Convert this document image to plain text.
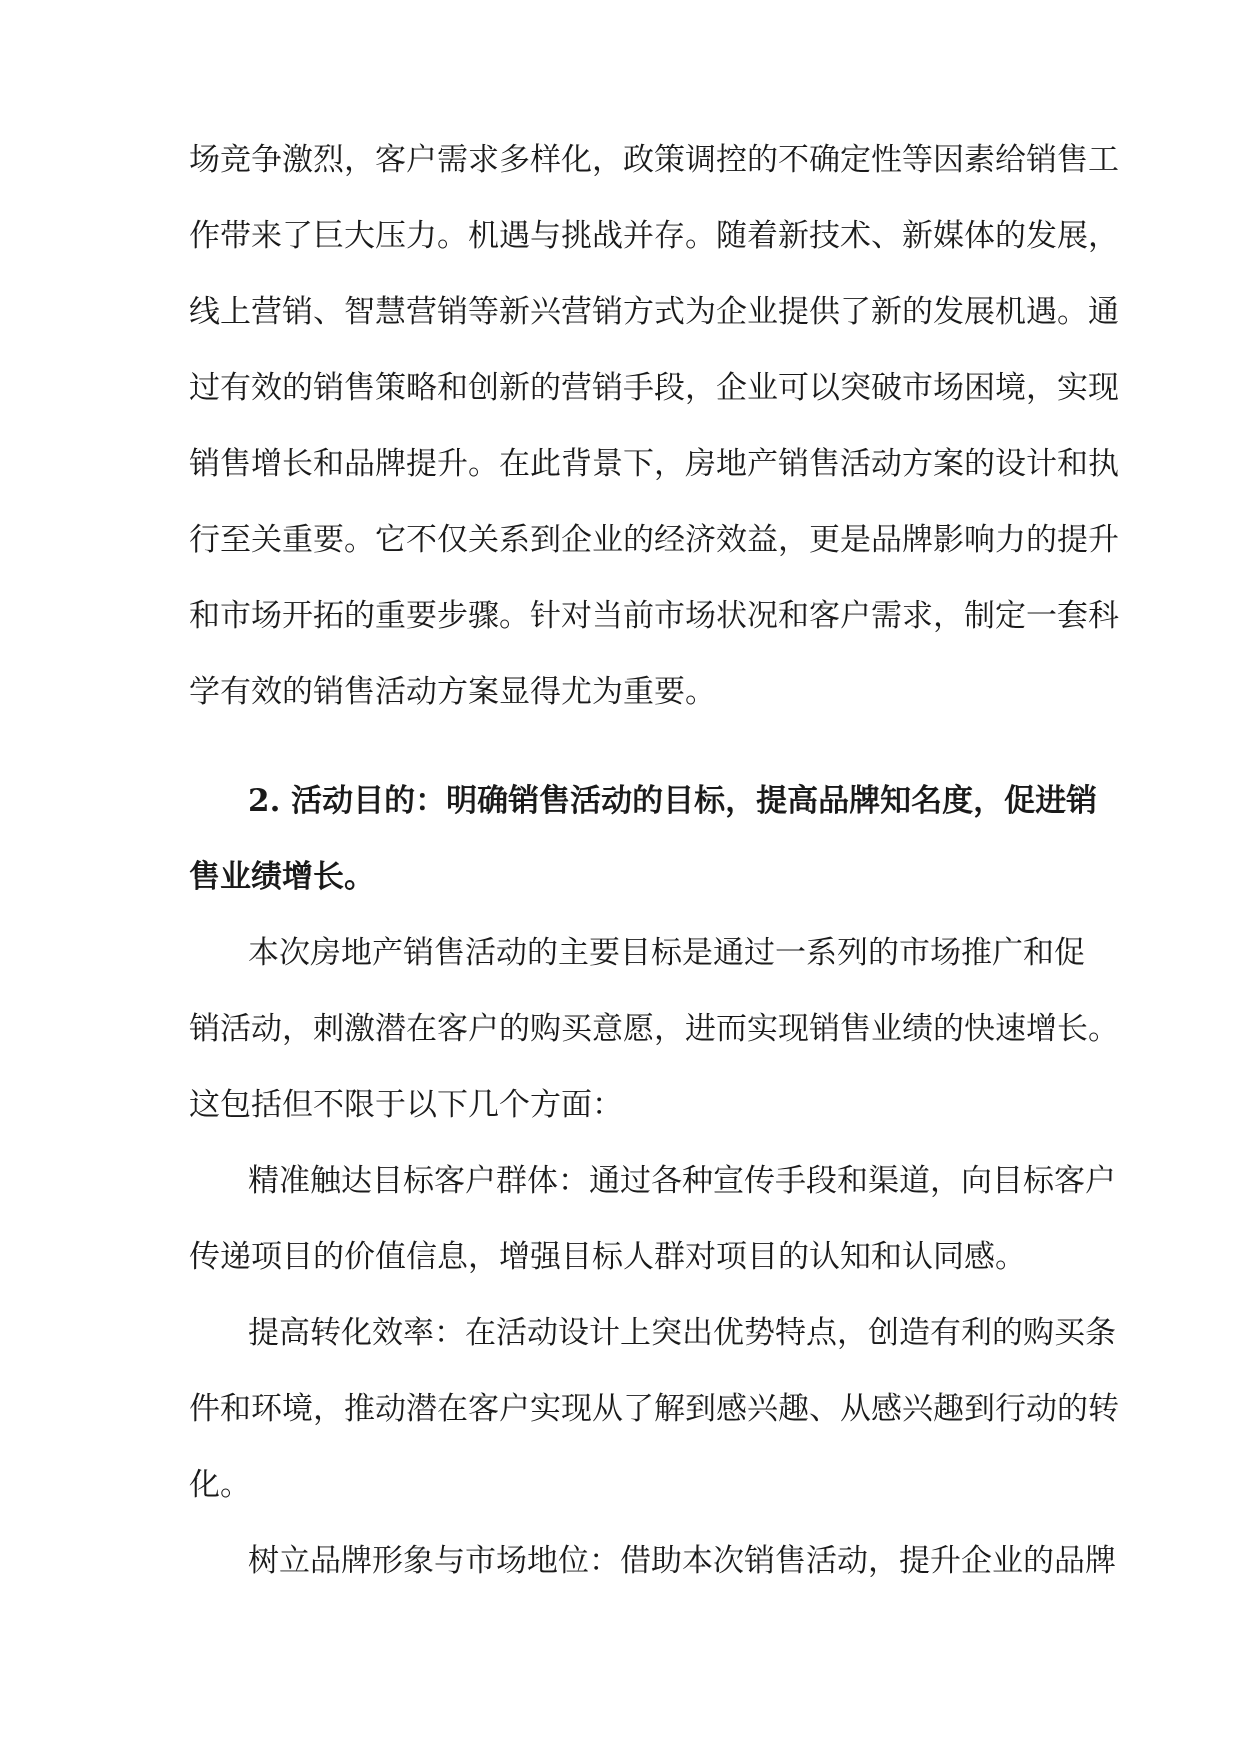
场竞争激烈，客户需求多样化，政策调控的不确定性等因素给销售工
作带来了巨大压力。机遇与挑战并存。随着新技术、新媒体的发展，
线上营销、智慧营销等新兴营销方式为企业提供了新的发展机遇。通
过有效的销售策略和创新的营销手段，企业可以突破市场困境，实现
销售增长和品牌提升。在此背景下，房地产销售活动方案的设计和执
行至关重要。它不仅关系到企业的经济效益，更是品牌影响力的提升
和市场开拓的重要步骤。针对当前市场状况和客户需求，制定一套科
学有效的销售活动方案显得尤为重要。
2. 活动目的：明确销售活动的目标，提高品牌知名度，促进销
售业绩增长。
本次房地产销售活动的主要目标是通过一系列的市场推广和促
销活动，刺激潜在客户的购买意愿，进而实现销售业绩的快速增长。
这包括但不限于以下几个方面：
精准触达目标客户群体：通过各种宣传手段和渠道，向目标客户
传递项目的价值信息，增强目标人群对项目的认知和认同感。
提高转化效率：在活动设计上突出优势特点，创造有利的购买条
件和环境，推动潜在客户实现从了解到感兴趣、从感兴趣到行动的转
化。
树立品牌形象与市场地位：借助本次销售活动，提升企业的品牌
